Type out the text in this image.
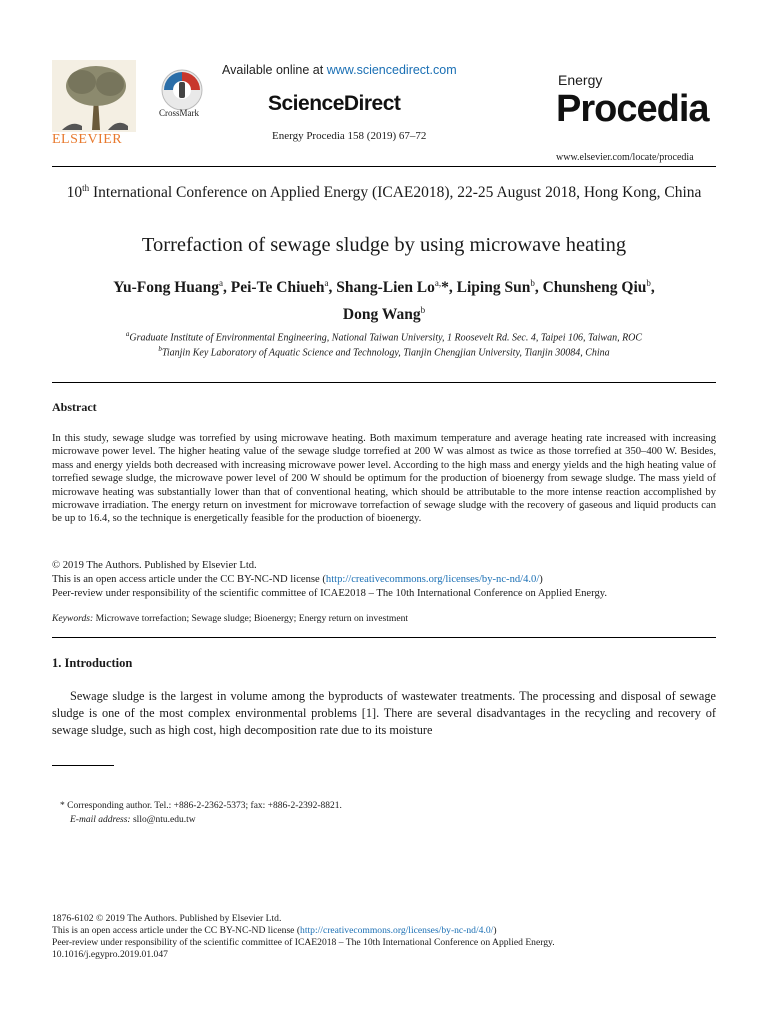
ELSEVIER
CrossMark
Available online at www.sciencedirect.com
ScienceDirect
Energy Procedia 158 (2019) 67–72
Energy
Procedia
www.elsevier.com/locate/procedia
10th International Conference on Applied Energy (ICAE2018), 22-25 August 2018, Hong Kong, China
Torrefaction of sewage sludge by using microwave heating
Yu-Fong Huang$^a$, Pei-Te Chiueh$^a$, Shang-Lien $Lo^{a,}*$, Liping Sun$^b$, Chunsheng Qiu$^b$,
Dong Wang$^b$
$^a$Graduate Institute of Environmental Engineering, National Taiwan University, 1 Roosevelt Rd. Sec. 4, Taipei 106, Taiwan, ROC
$^b$Tianjin Key Laboratory of Aquatic Science and Technology, Tianjin Chengjian University, Tianjin 30084, China
Abstract
In this study, sewage sludge was torrefied by using microwave heating. Both maximum temperature and average heating rate increased with increasing microwave power level. The higher heating value of the sewage sludge torrefied at 200 W was almost as twice as those torrefied at 350–400 W. Besides, mass and energy yields both decreased with increasing microwave power level. According to the high mass and energy yields and the high heating value of torrefied sewage sludge, the microwave power level of 200 W should be optimum for the production of bioenergy from sewage sludge. The mass yield of microwave heating was substantially lower than that of conventional heating, which should be attributable to the more intense reaction accomplished by microwave irradiation. The energy return on investment for microwave torrefaction of sewage sludge with the recovery of gaseous and liquid products can be up to 16.4, so the technique is energetically feasible for the production of bioenergy.
© 2019 The Authors. Published by Elsevier Ltd.
This is an open access article under the CC BY-NC-ND license (http://creativecommons.org/licenses/by-nc-nd/4.0/)
Peer-review under responsibility of the scientific committee of ICAE2018 – The 10th International Conference on Applied Energy.
Keywords: Microwave torrefaction; Sewage sludge; Bioenergy; Energy return on investment
1. Introduction
Sewage sludge is the largest in volume among the byproducts of wastewater treatments. The processing and disposal of sewage sludge is one of the most complex environmental problems [1]. There are several disadvantages in the recycling and recovery of sewage sludge, such as high cost, high decomposition rate due to its moisture
* Corresponding author. Tel.: +886-2-2362-5373; fax: +886-2-2392-8821.
E-mail address: sllo@ntu.edu.tw
1876-6102 © 2019 The Authors. Published by Elsevier Ltd.
This is an open access article under the CC BY-NC-ND license (http://creativecommons.org/licenses/by-nc-nd/4.0/)
Peer-review under responsibility of the scientific committee of ICAE2018 – The 10th International Conference on Applied Energy.
10.1016/j.egypro.2019.01.047
